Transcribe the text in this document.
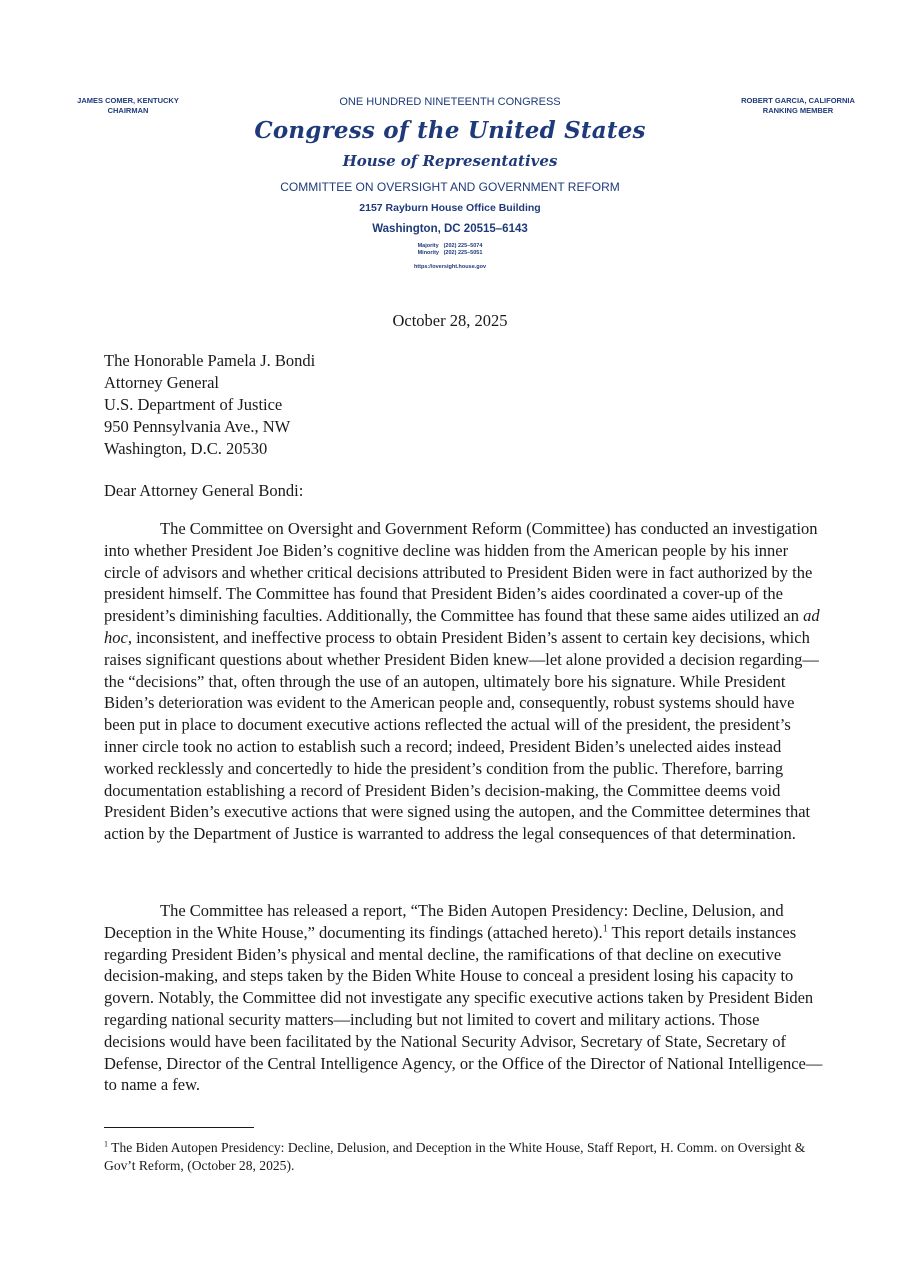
JAMES COMER, KENTUCKY
CHAIRMAN
ROBERT GARCIA, CALIFORNIA
RANKING MEMBER
ONE HUNDRED NINETEENTH CONGRESS
Congress of the United States
House of Representatives
COMMITTEE ON OVERSIGHT AND GOVERNMENT REFORM
2157 Rayburn House Office Building
Washington, DC 20515–6143
Majority (202) 225–5074
Minority (202) 225–5051
https://oversight.house.gov
October 28, 2025
The Honorable Pamela J. Bondi
Attorney General
U.S. Department of Justice
950 Pennsylvania Ave., NW
Washington, D.C. 20530
Dear Attorney General Bondi:

The Committee on Oversight and Government Reform (Committee) has conducted an investigation into whether President Joe Biden’s cognitive decline was hidden from the American people by his inner circle of advisors and whether critical decisions attributed to President Biden were in fact authorized by the president himself. The Committee has found that President Biden’s aides coordinated a cover-up of the president’s diminishing faculties. Additionally, the Committee has found that these same aides utilized an ad hoc, inconsistent, and ineffective process to obtain President Biden’s assent to certain key decisions, which raises significant questions about whether President Biden knew—let alone provided a decision regarding—the “decisions” that, often through the use of an autopen, ultimately bore his signature. While President Biden’s deterioration was evident to the American people and, consequently, robust systems should have been put in place to document executive actions reflected the actual will of the president, the president’s inner circle took no action to establish such a record; indeed, President Biden’s unelected aides instead worked recklessly and concertedly to hide the president’s condition from the public. Therefore, barring documentation establishing a record of President Biden’s decision-making, the Committee deems void President Biden’s executive actions that were signed using the autopen, and the Committee determines that action by the Department of Justice is warranted to address the legal consequences of that determination.

The Committee has released a report, “The Biden Autopen Presidency: Decline, Delusion, and Deception in the White House,” documenting its findings (attached hereto).$^1$ This report details instances regarding President Biden’s physical and mental decline, the ramifications of that decline on executive decision-making, and steps taken by the Biden White House to conceal a president losing his capacity to govern. Notably, the Committee did not investigate any specific executive actions taken by President Biden regarding national security matters—including but not limited to covert and military actions. Those decisions would have been facilitated by the National Security Advisor, Secretary of State, Secretary of Defense, Director of the Central Intelligence Agency, or the Office of the Director of National Intelligence—to name a few.

$^1$ The Biden Autopen Presidency: Decline, Delusion, and Deception in the White House, Staff Report, H. Comm. on Oversight & Gov’t Reform, (October 28, 2025).
